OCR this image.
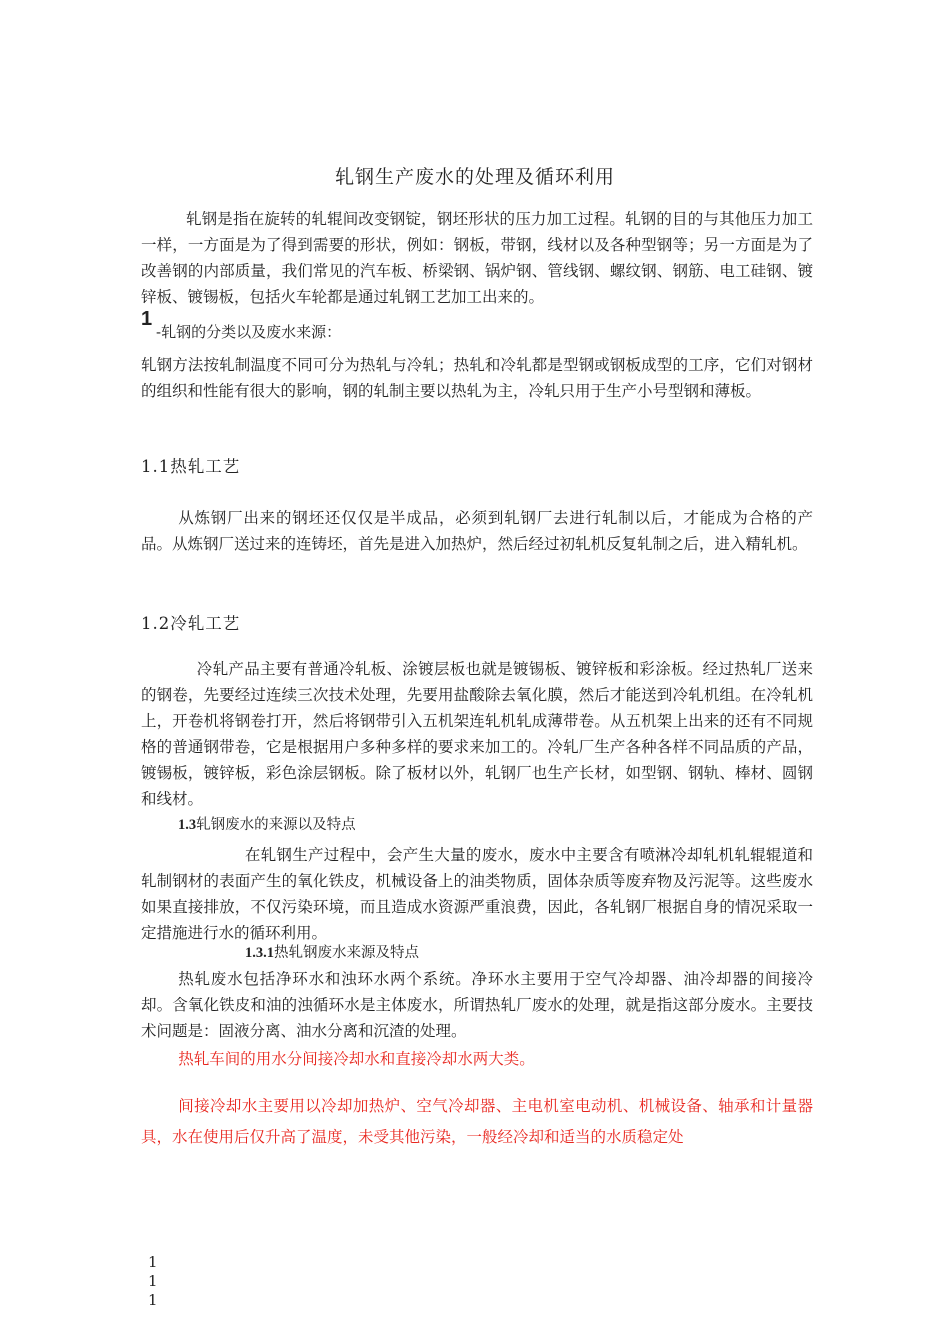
轧钢生产废水的处理及循环利用

轧钢是指在旋转的轧辊间改变钢锭，钢坯形状的压力加工过程。轧钢的目的与其他压力加工一样，一方面是为了得到需要的形状，例如：钢板，带钢，线材以及各种型钢等；另一方面是为了改善钢的内部质量，我们常见的汽车板、桥梁钢、锅炉钢、管线钢、螺纹钢、钢筋、电工硅钢、镀锌板、镀锡板，包括火车轮都是通过轧钢工艺加工出来的。

1
-轧钢的分类以及废水来源：

轧钢方法按轧制温度不同可分为热轧与冷轧；热轧和冷轧都是型钢或钢板成型的工序，它们对钢材的组织和性能有很大的影响，钢的轧制主要以热轧为主，冷轧只用于生产小号型钢和薄板。

1.1热轧工艺

从炼钢厂出来的钢坯还仅仅是半成品，必须到轧钢厂去进行轧制以后，才能成为合格的产品。从炼钢厂送过来的连铸坯，首先是进入加热炉，然后经过初轧机反复轧制之后，进入精轧机。

1.2冷轧工艺

冷轧产品主要有普通冷轧板、涂镀层板也就是镀锡板、镀锌板和彩涂板。经过热轧厂送来的钢卷，先要经过连续三次技术处理，先要用盐酸除去氧化膜，然后才能送到冷轧机组。在冷轧机上，开卷机将钢卷打开，然后将钢带引入五机架连轧机轧成薄带卷。从五机架上出来的还有不同规格的普通钢带卷，它是根据用户多种多样的要求来加工的。冷轧厂生产各种各样不同品质的产品，镀锡板，镀锌板，彩色涂层钢板。除了板材以外，轧钢厂也生产长材，如型钢、钢轨、棒材、圆钢和线材。

1.3轧钢废水的来源以及特点

在轧钢生产过程中，会产生大量的废水，废水中主要含有喷淋冷却轧机轧辊辊道和轧制钢材的表面产生的氧化铁皮，机械设备上的油类物质，固体杂质等废弃物及污泥等。这些废水如果直接排放，不仅污染环境，而且造成水资源严重浪费，因此，各轧钢厂根据自身的情况采取一定措施进行水的循环利用。

1.3.1热轧钢废水来源及特点

热轧废水包括净环水和浊环水两个系统。净环水主要用于空气冷却器、油冷却器的间接冷却。含氧化铁皮和油的浊循环水是主体废水，所谓热轧厂废水的处理，就是指这部分废水。主要技术问题是：固液分离、油水分离和沉渣的处理。

热轧车间的用水分间接冷却水和直接冷却水两大类。

间接冷却水主要用以冷却加热炉、空气冷却器、主电机室电动机、机械设备、轴承和计量器具，水在使用后仅升高了温度，未受其他污染，一般经冷却和适当的水质稳定处

1
1
1
